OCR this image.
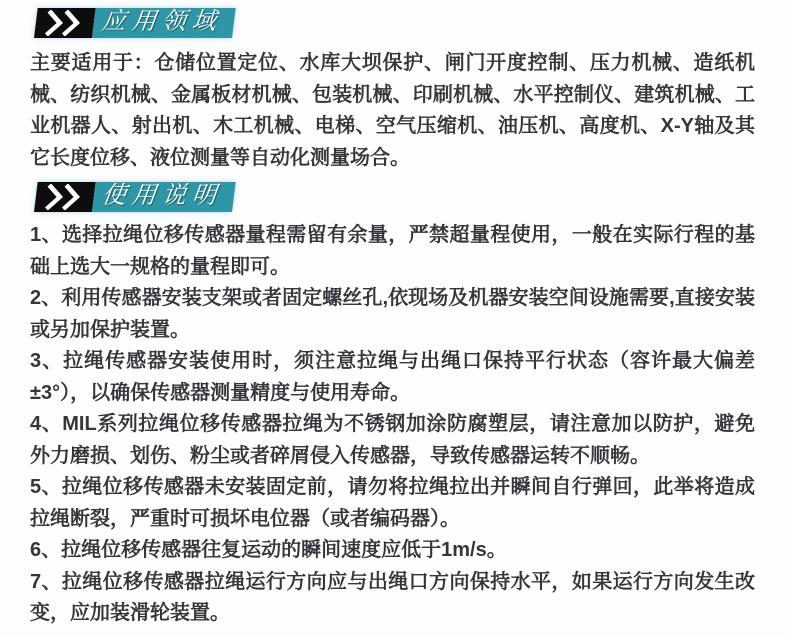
应用领域

主要适用于：仓储位置定位、水库大坝保护、闸门开度控制、压力机械、造纸机械、纺织机械、金属板材机械、包装机械、印刷机械、水平控制仪、建筑机械、工业机器人、射出机、木工机械、电梯、空气压缩机、油压机、高度机、X-Y轴及其它长度位移、液位测量等自动化测量场合。

使用说明

1、选择拉绳位移传感器量程需留有余量，严禁超量程使用，一般在实际行程的基础上选大一规格的量程即可。

2、利用传感器安装支架或者固定螺丝孔,依现场及机器安装空间设施需要,直接安装或另加保护装置。

3、拉绳传感器安装使用时，须注意拉绳与出绳口保持平行状态（容许最大偏差±3°），以确保传感器测量精度与使用寿命。

4、MIL系列拉绳位移传感器拉绳为不锈钢加涂防腐塑层，请注意加以防护，避免外力磨损、划伤、粉尘或者碎屑侵入传感器，导致传感器运转不顺畅。

5、拉绳位移传感器未安装固定前，请勿将拉绳拉出并瞬间自行弹回，此举将造成拉绳断裂，严重时可损坏电位器（或者编码器）。

6、拉绳位移传感器往复运动的瞬间速度应低于1m/s。

7、拉绳位移传感器拉绳运行方向应与出绳口方向保持水平，如果运行方向发生改变，应加装滑轮装置。
